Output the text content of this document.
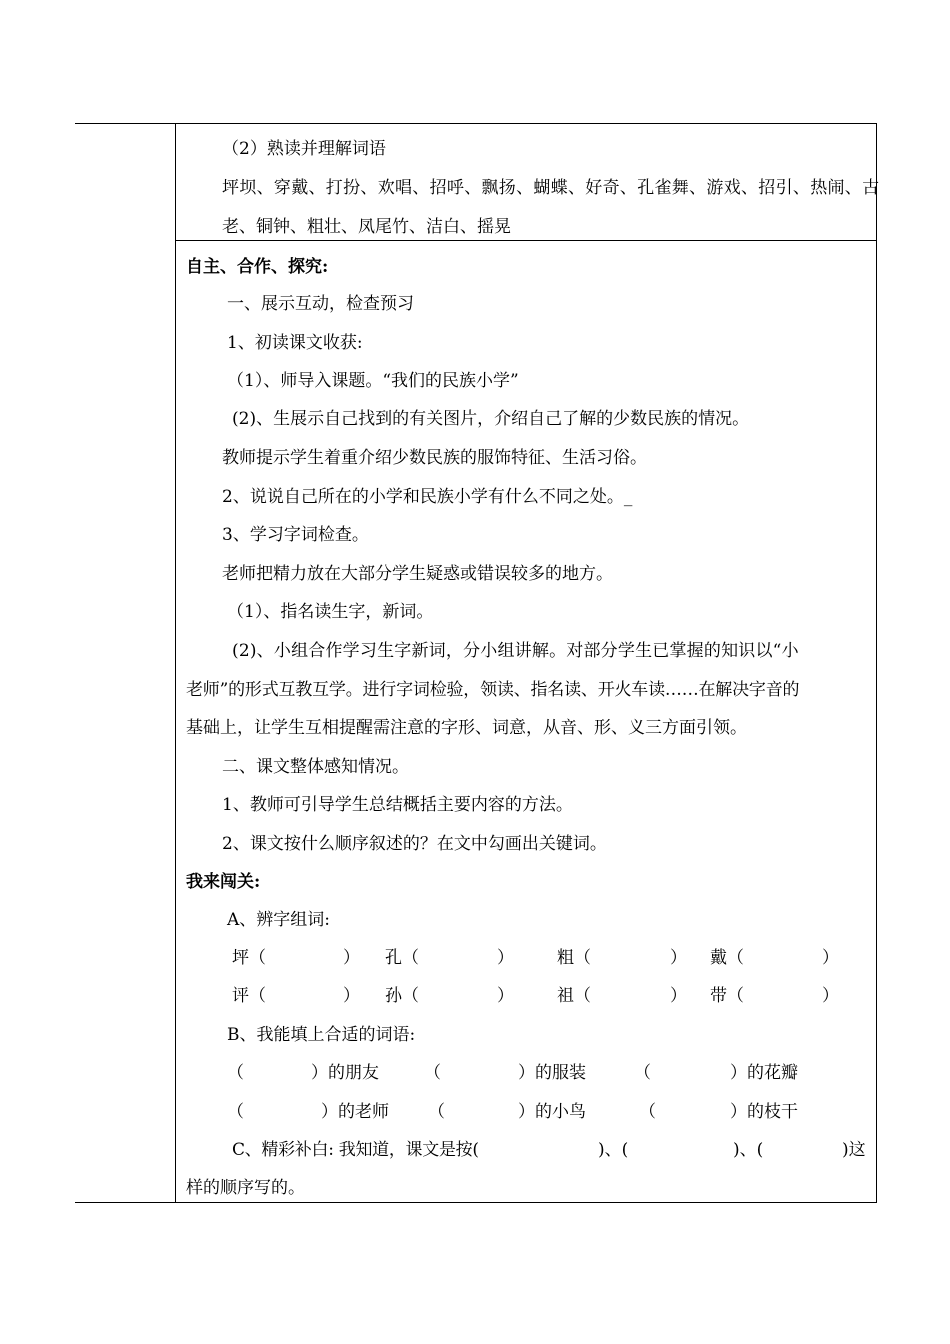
（2）熟读并理解词语
坪坝、穿戴、打扮、欢唱、招呼、飘扬、蝴蝶、好奇、孔雀舞、游戏、招引、热闹、古
老、铜钟、粗壮、凤尾竹、洁白、摇晃
自主、合作、探究:
一、展示互动，检查预习
1、初读课文收获:
（1）、师导入课题。“我们的民族小学”
(2)、生展示自己找到的有关图片，介绍自己了解的少数民族的情况。
教师提示学生着重介绍少数民族的服饰特征、生活习俗。
2、说说自己所在的小学和民族小学有什么不同之处。_
3、学习字词检查。
老师把精力放在大部分学生疑惑或错误较多的地方。
（1）、指名读生字，新词。
(2)、小组合作学习生字新词，分小组讲解。对部分学生已掌握的知识以“小
老师”的形式互教互学。进行字词检验，领读、指名读、开火车读……在解决字音的
基础上，让学生互相提醒需注意的字形、词意，从音、形、义三方面引领。
二、课文整体感知情况。
1、教师可引导学生总结概括主要内容的方法。
2、课文按什么顺序叙述的？在文中勾画出关键词。
我来闯关:
A、辨字组词:
坪（	） 孔（	）	粗（	） 戴（	）
评（	） 孙（	）	祖（	） 带（	）
B、我能填上合适的词语:
（	）的朋友	（	）的服装	（	）的花瓣
（	）的老师 （	）的小鸟	（	）的枝干
C、精彩补白: 我知道，课文是按(	)、(	)、(	)这
样的顺序写的。
